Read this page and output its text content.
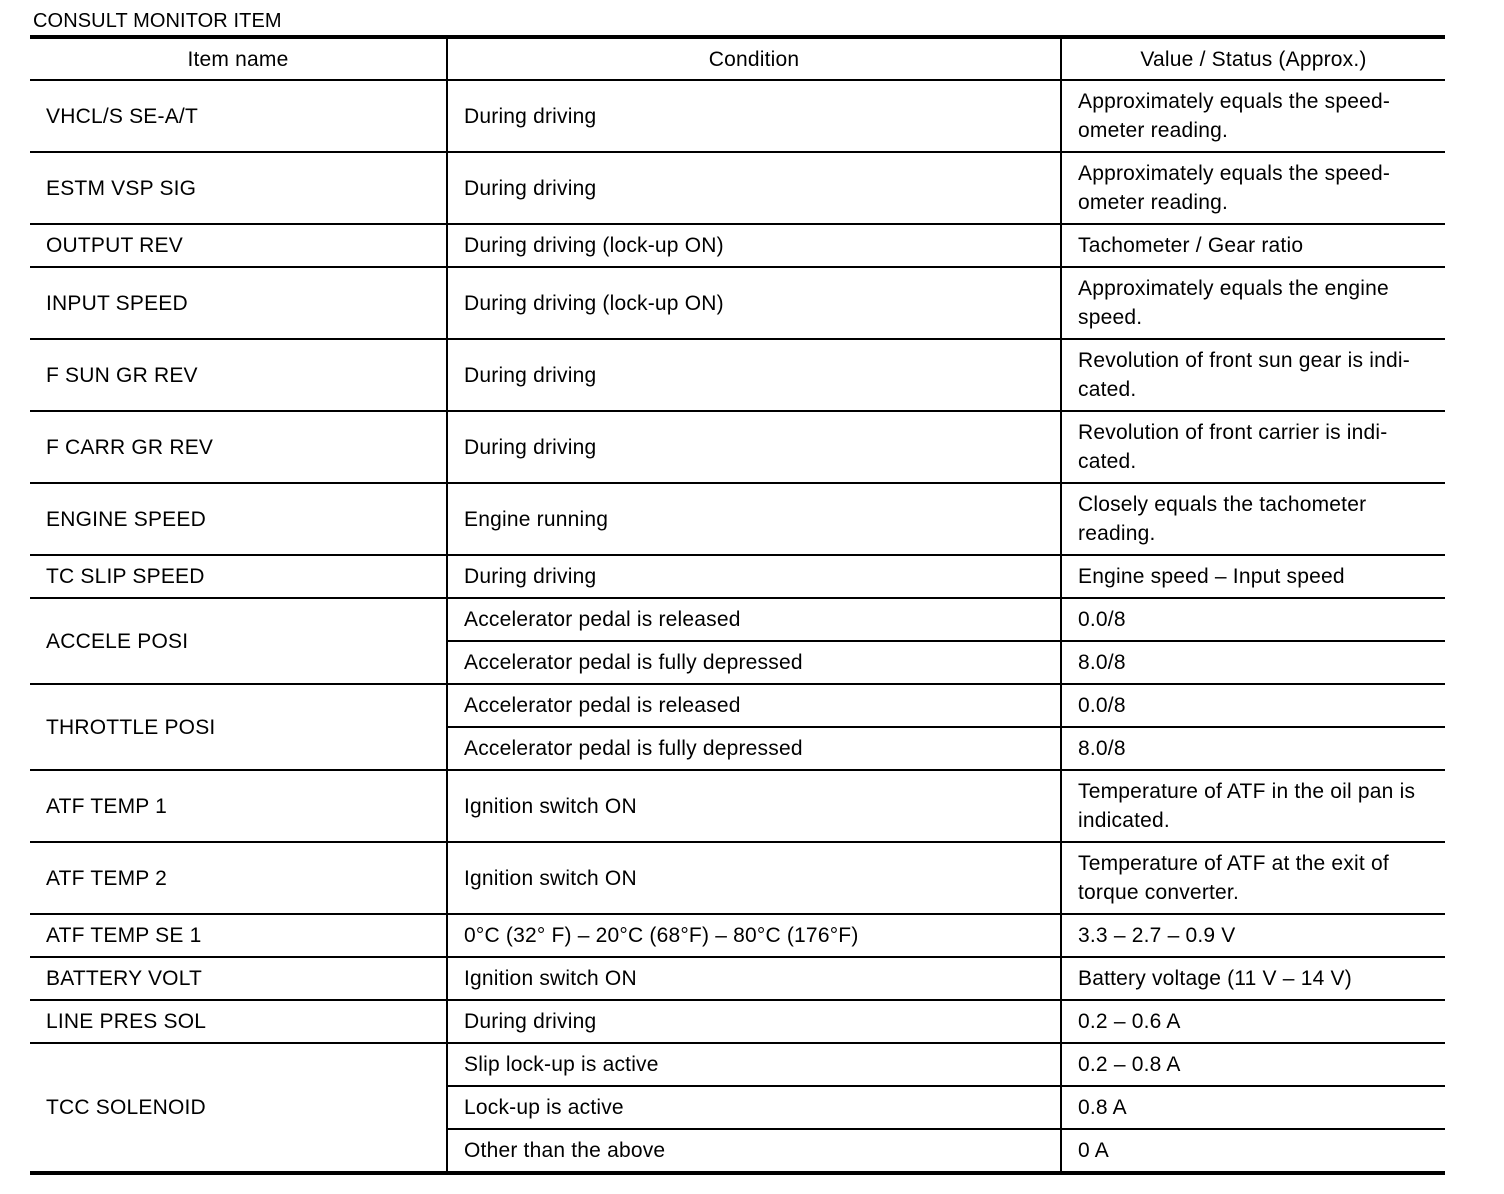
CONSULT MONITOR ITEM
Item name	Condition	Value / Status (Approx.)
VHCL/S SE-A/T	During driving	Approximately equals the speed-ometer reading.
ESTM VSP SIG	During driving	Approximately equals the speed-ometer reading.
OUTPUT REV	During driving (lock-up ON)	Tachometer / Gear ratio
INPUT SPEED	During driving (lock-up ON)	Approximately equals the engine speed.
F SUN GR REV	During driving	Revolution of front sun gear is indi-cated.
F CARR GR REV	During driving	Revolution of front carrier is indi-cated.
ENGINE SPEED	Engine running	Closely equals the tachometer reading.
TC SLIP SPEED	During driving	Engine speed – Input speed
ACCELE POSI	Accelerator pedal is released	0.0/8
	Accelerator pedal is fully depressed	8.0/8
THROTTLE POSI	Accelerator pedal is released	0.0/8
	Accelerator pedal is fully depressed	8.0/8
ATF TEMP 1	Ignition switch ON	Temperature of ATF in the oil pan is indicated.
ATF TEMP 2	Ignition switch ON	Temperature of ATF at the exit of torque converter.
ATF TEMP SE 1	0°C (32° F) – 20°C (68°F) – 80°C (176°F)	3.3 – 2.7 – 0.9 V
BATTERY VOLT	Ignition switch ON	Battery voltage (11 V – 14 V)
LINE PRES SOL	During driving	0.2 – 0.6 A
TCC SOLENOID	Slip lock-up is active	0.2 – 0.8 A
	Lock-up is active	0.8 A
	Other than the above	0 A
